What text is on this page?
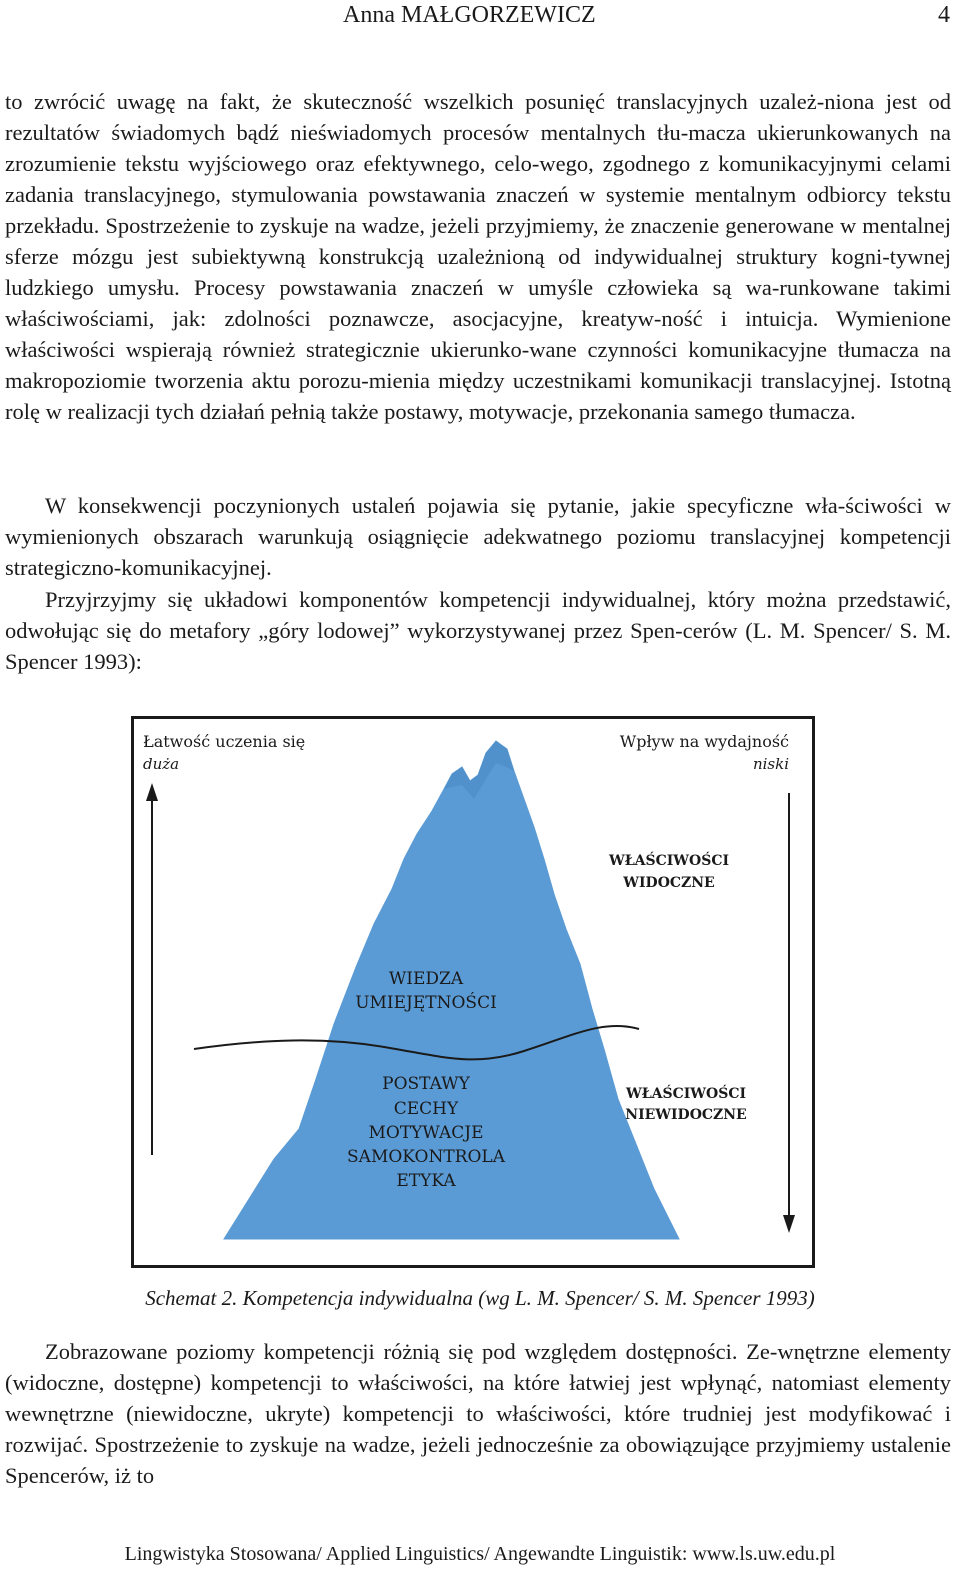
Anna MAŁGORZEWICZ	4

to zwrócić uwagę na fakt, że skuteczność wszelkich posunięć translacyjnych uzależ-niona jest od rezultatów świadomych bądź nieświadomych procesów mentalnych tłu-macza ukierunkowanych na zrozumienie tekstu wyjściowego oraz efektywnego, celo-wego, zgodnego z komunikacyjnymi celami zadania translacyjnego, stymulowania powstawania znaczeń w systemie mentalnym odbiorcy tekstu przekładu. Spostrzeżenie to zyskuje na wadze, jeżeli przyjmiemy, że znaczenie generowane w mentalnej sferze mózgu jest subiektywną konstrukcją uzależnioną od indywidualnej struktury kogni-tywnej ludzkiego umysłu. Procesy powstawania znaczeń w umyśle człowieka są wa-runkowane takimi właściwościami, jak: zdolności poznawcze, asocjacyjne, kreatyw-ność i intuicja. Wymienione właściwości wspierają również strategicznie ukierunko-wane czynności komunikacyjne tłumacza na makropoziomie tworzenia aktu porozu-mienia między uczestnikami komunikacji translacyjnej. Istotną rolę w realizacji tych działań pełnią także postawy, motywacje, przekonania samego tłumacza.

W konsekwencji poczynionych ustaleń pojawia się pytanie, jakie specyficzne wła-ściwości w wymienionych obszarach warunkują osiągnięcie adekwatnego poziomu translacyjnej kompetencji strategiczno-komunikacyjnej.

Przyjrzyjmy się układowi komponentów kompetencji indywidualnej, który można przedstawić, odwołując się do metafory „góry lodowej” wykorzystywanej przez Spen-cerów (L. M. Spencer/ S. M. Spencer 1993):

Łatwość uczenia się
duża
Wpływ na wydajność
niski
WŁAŚCIWOŚCI
WIDOCZNE
WŁAŚCIWOŚCI
NIEWIDOCZNE
WIEDZA
UMIEJĘTNOŚCI
POSTAWY
CECHY
MOTYWACJE
SAMOKONTROLA
ETYKA
Schemat 2. Kompetencja indywidualna (wg L. M. Spencer/ S. M. Spencer 1993)

Zobrazowane poziomy kompetencji różnią się pod względem dostępności. Ze-wnętrzne elementy (widoczne, dostępne) kompetencji to właściwości, na które łatwiej jest wpłynąć, natomiast elementy wewnętrzne (niewidoczne, ukryte) kompetencji to właściwości, które trudniej jest modyfikować i rozwijać. Spostrzeżenie to zyskuje na wadze, jeżeli jednocześnie za obowiązujące przyjmiemy ustalenie Spencerów, iż to

Lingwistyka Stosowana/ Applied Linguistics/ Angewandte Linguistik: www.ls.uw.edu.pl
